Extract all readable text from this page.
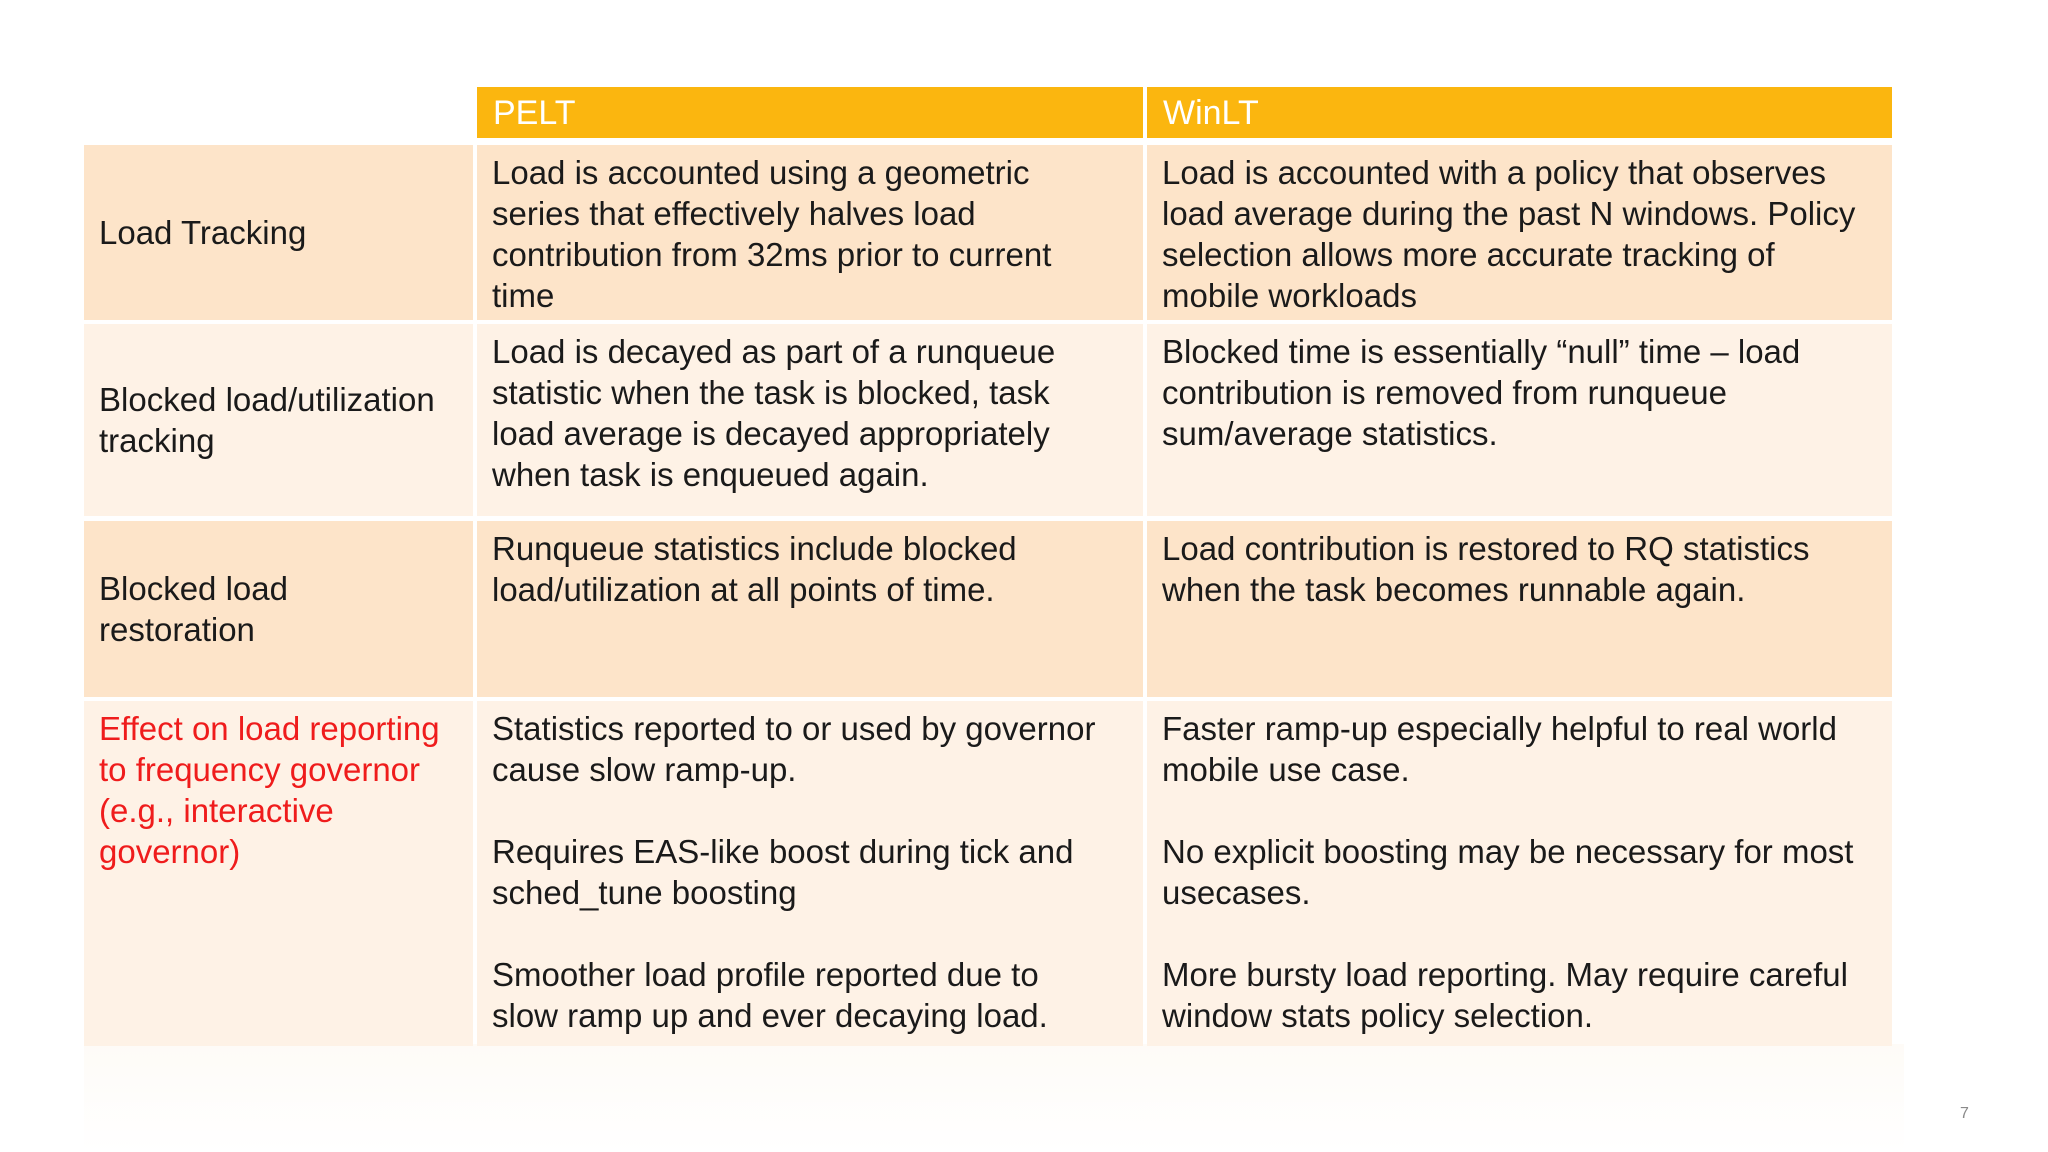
PELT	WinLT
Load Tracking
Load is accounted using a geometric
series that effectively halves load
contribution from 32ms prior to current
time
Load is accounted with a policy that observes
load average during the past N windows. Policy
selection allows more accurate tracking of
mobile workloads
Blocked load/utilization
tracking
Load is decayed as part of a runqueue
statistic when the task is blocked, task
load average is decayed appropriately
when task is enqueued again.
Blocked time is essentially “null” time – load
contribution is removed from runqueue
sum/average statistics.
Blocked load
restoration
Runqueue statistics include blocked
load/utilization at all points of time.
Load contribution is restored to RQ statistics
when the task becomes runnable again.
Effect on load reporting
to frequency governor
(e.g., interactive
governor)
Statistics reported to or used by governor
cause slow ramp-up.

Requires EAS-like boost during tick and
sched_tune boosting

Smoother load profile reported due to
slow ramp up and ever decaying load.
Faster ramp-up especially helpful to real world
mobile use case.

No explicit boosting may be necessary for most
usecases.

More bursty load reporting. May require careful
window stats policy selection.
7
